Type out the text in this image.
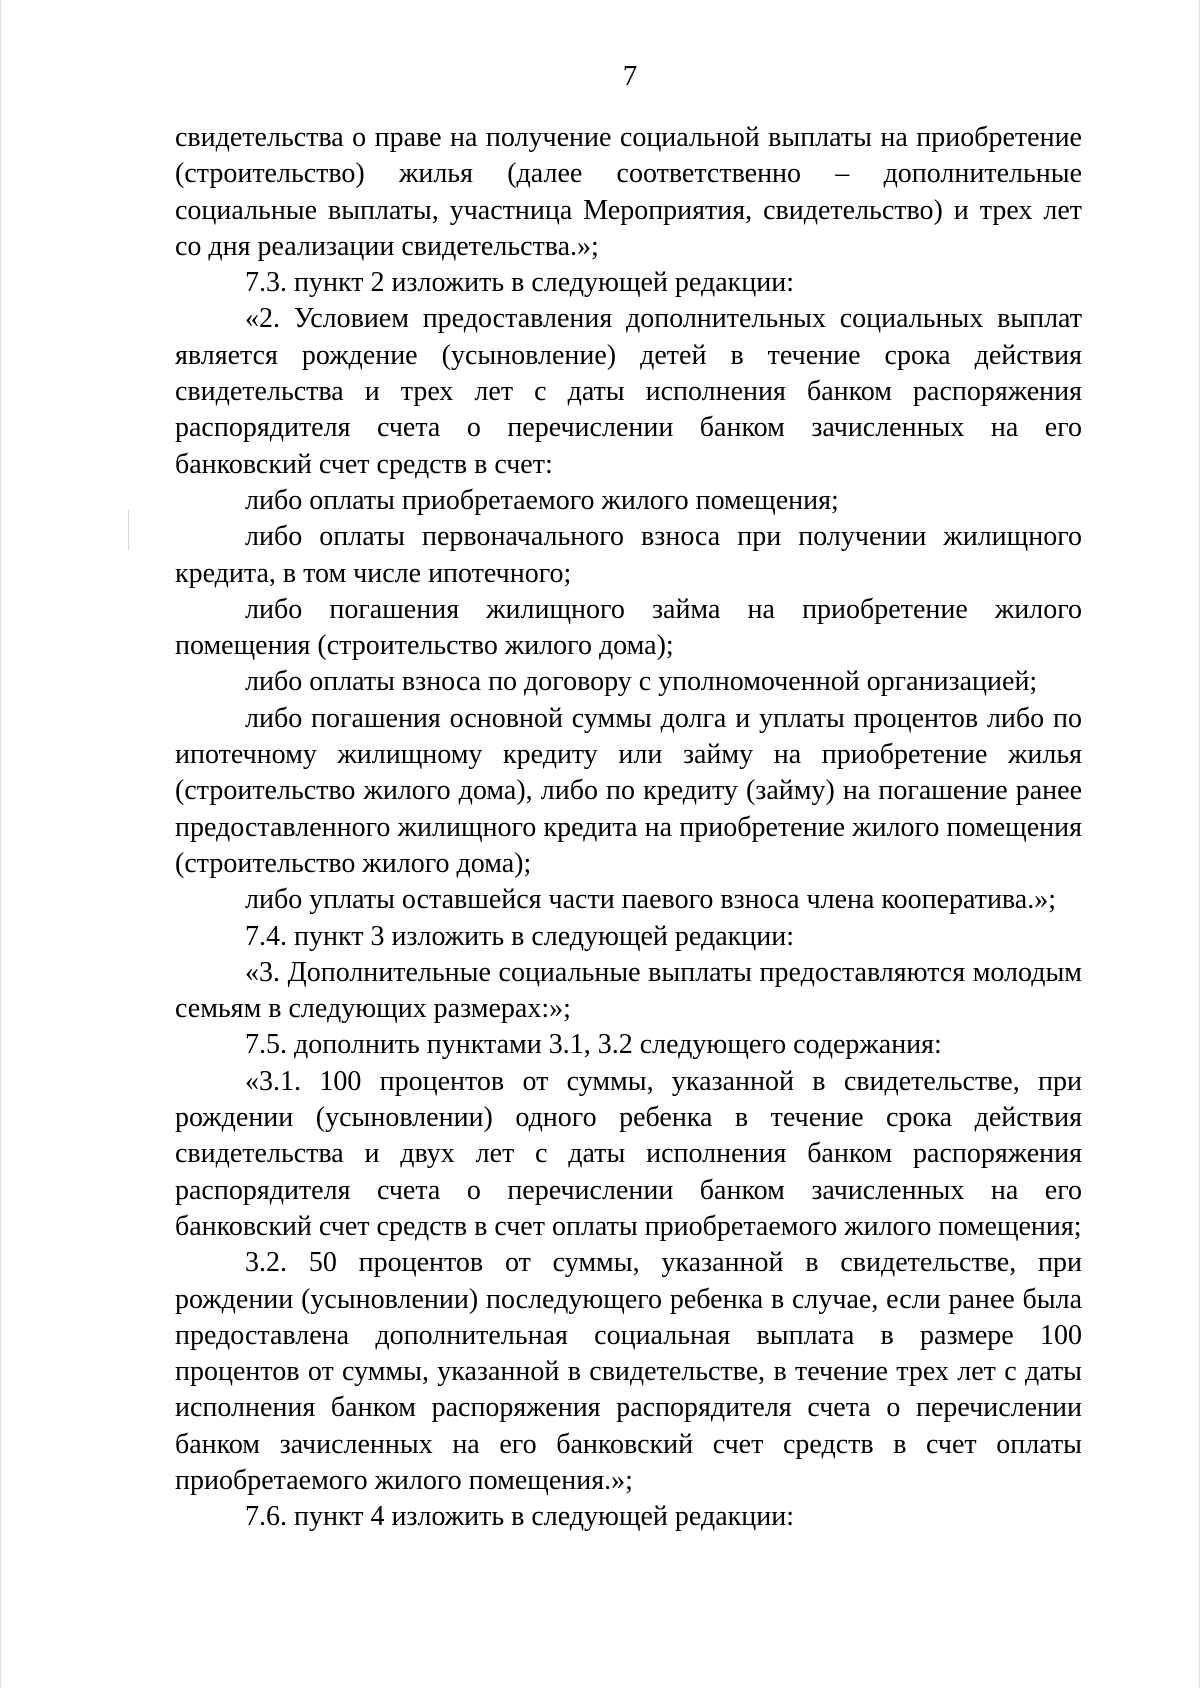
7

свидетельства о праве на получение социальной выплаты на приобретение (строительство) жилья (далее соответственно – дополнительные социальные выплаты, участница Мероприятия, свидетельство) и трех лет со дня реализации свидетельства.»;

7.3. пункт 2 изложить в следующей редакции:

«2. Условием предоставления дополнительных социальных выплат является рождение (усыновление) детей в течение срока действия свидетельства и трех лет с даты исполнения банком распоряжения распорядителя счета о перечислении банком зачисленных на его банковский счет средств в счет:

либо оплаты приобретаемого жилого помещения;

либо оплаты первоначального взноса при получении жилищного кредита, в том числе ипотечного;

либо погашения жилищного займа на приобретение жилого помещения (строительство жилого дома);

либо оплаты взноса по договору с уполномоченной организацией;

либо погашения основной суммы долга и уплаты процентов либо по ипотечному жилищному кредиту или займу на приобретение жилья (строительство жилого дома), либо по кредиту (займу) на погашение ранее предоставленного жилищного кредита на приобретение жилого помещения (строительство жилого дома);

либо уплаты оставшейся части паевого взноса члена кооператива.»;

7.4. пункт 3 изложить в следующей редакции:

«3. Дополнительные социальные выплаты предоставляются молодым семьям в следующих размерах:»;

7.5. дополнить пунктами 3.1, 3.2 следующего содержания:

«3.1. 100 процентов от суммы, указанной в свидетельстве, при рождении (усыновлении) одного ребенка в течение срока действия свидетельства и двух лет с даты исполнения банком распоряжения распорядителя счета о перечислении банком зачисленных на его банковский счет средств в счет оплаты приобретаемого жилого помещения;

3.2. 50 процентов от суммы, указанной в свидетельстве, при рождении (усыновлении) последующего ребенка в случае, если ранее была предоставлена дополнительная социальная выплата в размере 100 процентов от суммы, указанной в свидетельстве, в течение трех лет с даты исполнения банком распоряжения распорядителя счета о перечислении банком зачисленных на его банковский счет средств в счет оплаты приобретаемого жилого помещения.»;

7.6. пункт 4 изложить в следующей редакции:
